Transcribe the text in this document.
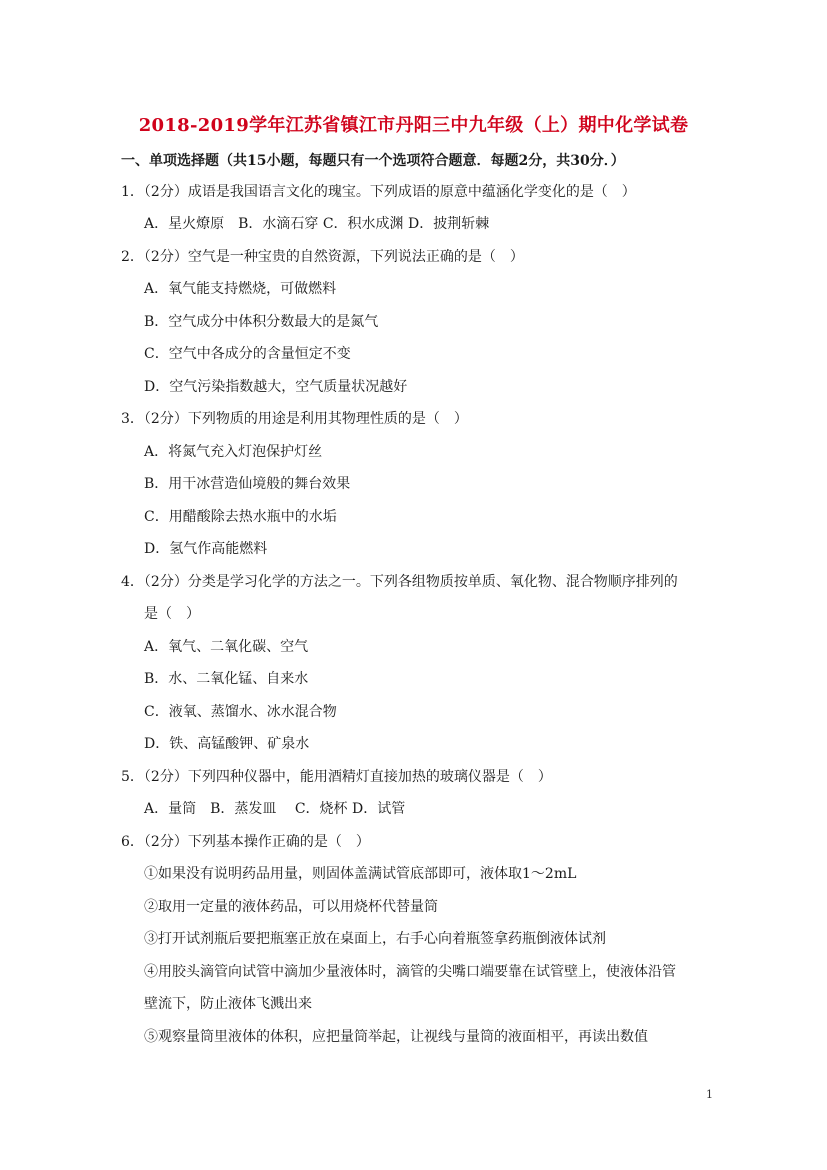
2018-2019学年江苏省镇江市丹阳三中九年级（上）期中化学试卷
一、单项选择题（共15小题，每题只有一个选项符合题意．每题2分，共30分．）
1．（2分）成语是我国语言文化的瑰宝。下列成语的原意中蕴涵化学变化的是（　）
A．星火燎原　B．水滴石穿 C．积水成渊 D．披荆斩棘
2．（2分）空气是一种宝贵的自然资源，下列说法正确的是（　）
A．氧气能支持燃烧，可做燃料
B．空气成分中体积分数最大的是氮气
C．空气中各成分的含量恒定不变
D．空气污染指数越大，空气质量状况越好
3．（2分）下列物质的用途是利用其物理性质的是（　）
A．将氮气充入灯泡保护灯丝
B．用干冰营造仙境般的舞台效果
C．用醋酸除去热水瓶中的水垢
D．氢气作高能燃料
4．（2分）分类是学习化学的方法之一。下列各组物质按单质、氧化物、混合物顺序排列的
是（　）
A．氧气、二氧化碳、空气
B．水、二氧化锰、自来水
C．液氧、蒸馏水、冰水混合物
D．铁、高锰酸钾、矿泉水
5．（2分）下列四种仪器中，能用酒精灯直接加热的玻璃仪器是（　）
A．量筒　B．蒸发皿　 C．烧杯 D．试管
6．（2分）下列基本操作正确的是（　）
①如果没有说明药品用量，则固体盖满试管底部即可，液体取1～2mL
②取用一定量的液体药品，可以用烧杯代替量筒
③打开试剂瓶后要把瓶塞正放在桌面上，右手心向着瓶签拿药瓶倒液体试剂
④用胶头滴管向试管中滴加少量液体时，滴管的尖嘴口端要靠在试管壁上，使液体沿管
壁流下，防止液体飞溅出来
⑤观察量筒里液体的体积，应把量筒举起，让视线与量筒的液面相平，再读出数值
1
